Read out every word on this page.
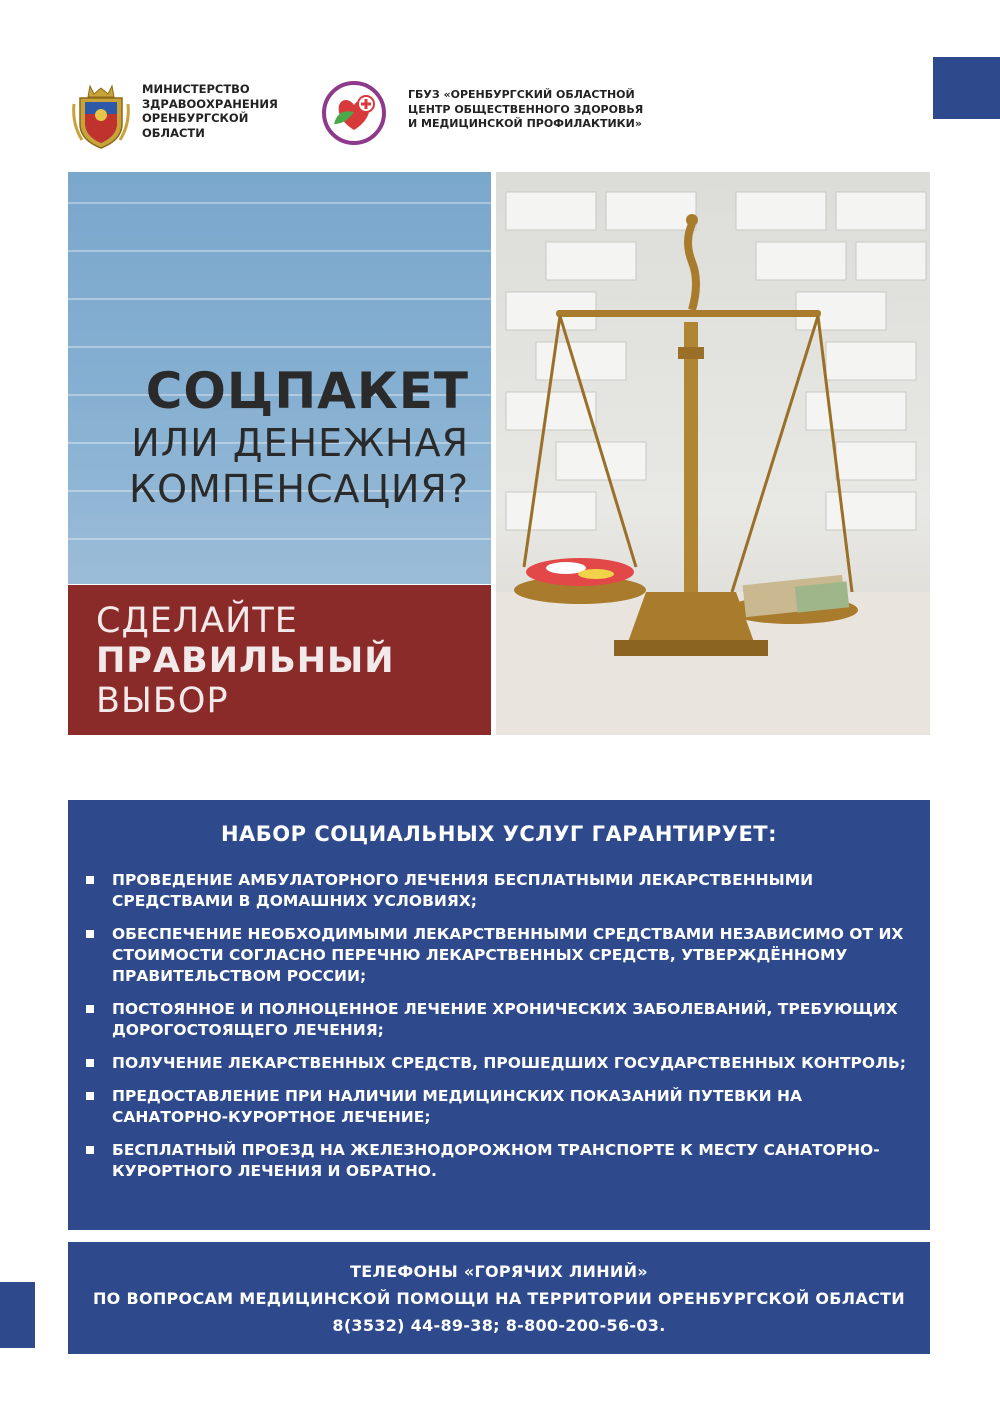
МИНИСТЕРСТВО
ЗДРАВООХРАНЕНИЯ
ОРЕНБУРГСКОЙ
ОБЛАСТИ
ГБУЗ «ОРЕНБУРГСКИЙ ОБЛАСТНОЙ
ЦЕНТР ОБЩЕСТВЕННОГО ЗДОРОВЬЯ
И МЕДИЦИНСКОЙ ПРОФИЛАКТИКИ»
СОЦПАКЕТ
ИЛИ ДЕНЕЖНАЯ
КОМПЕНСАЦИЯ?
СДЕЛАЙТЕ
ПРАВИЛЬНЫЙ
ВЫБОР
НАБОР СОЦИАЛЬНЫХ УСЛУГ ГАРАНТИРУЕТ:
ПРОВЕДЕНИЕ АМБУЛАТОРНОГО ЛЕЧЕНИЯ БЕСПЛАТНЫМИ ЛЕКАРСТВЕННЫМИ СРЕДСТВАМИ В ДОМАШНИХ УСЛОВИЯХ;
ОБЕСПЕЧЕНИЕ НЕОБХОДИМЫМИ ЛЕКАРСТВЕННЫМИ СРЕДСТВАМИ НЕЗАВИСИМО ОТ ИХ СТОИМОСТИ СОГЛАСНО ПЕРЕЧНЮ ЛЕКАРСТВЕННЫХ СРЕДСТВ, УТВЕРЖДЁННОМУ ПРАВИТЕЛЬСТВОМ РОССИИ;
ПОСТОЯННОЕ И ПОЛНОЦЕННОЕ ЛЕЧЕНИЕ ХРОНИЧЕСКИХ ЗАБОЛЕВАНИЙ, ТРЕБУЮЩИХ ДОРОГОСТОЯЩЕГО ЛЕЧЕНИЯ;
ПОЛУЧЕНИЕ ЛЕКАРСТВЕННЫХ СРЕДСТВ, ПРОШЕДШИХ ГОСУДАРСТВЕННЫХ КОНТРОЛЬ;
ПРЕДОСТАВЛЕНИЕ ПРИ НАЛИЧИИ МЕДИЦИНСКИХ ПОКАЗАНИЙ ПУТЕВКИ НА САНАТОРНО-КУРОРТНОЕ ЛЕЧЕНИЕ;
БЕСПЛАТНЫЙ ПРОЕЗД НА ЖЕЛЕЗНОДОРОЖНОМ ТРАНСПОРТЕ К МЕСТУ САНАТОРНО-КУРОРТНОГО ЛЕЧЕНИЯ И ОБРАТНО.
ТЕЛЕФОНЫ «ГОРЯЧИХ ЛИНИЙ»
ПО ВОПРОСАМ МЕДИЦИНСКОЙ ПОМОЩИ НА ТЕРРИТОРИИ ОРЕНБУРГСКОЙ ОБЛАСТИ
8(3532) 44-89-38; 8-800-200-56-03.
